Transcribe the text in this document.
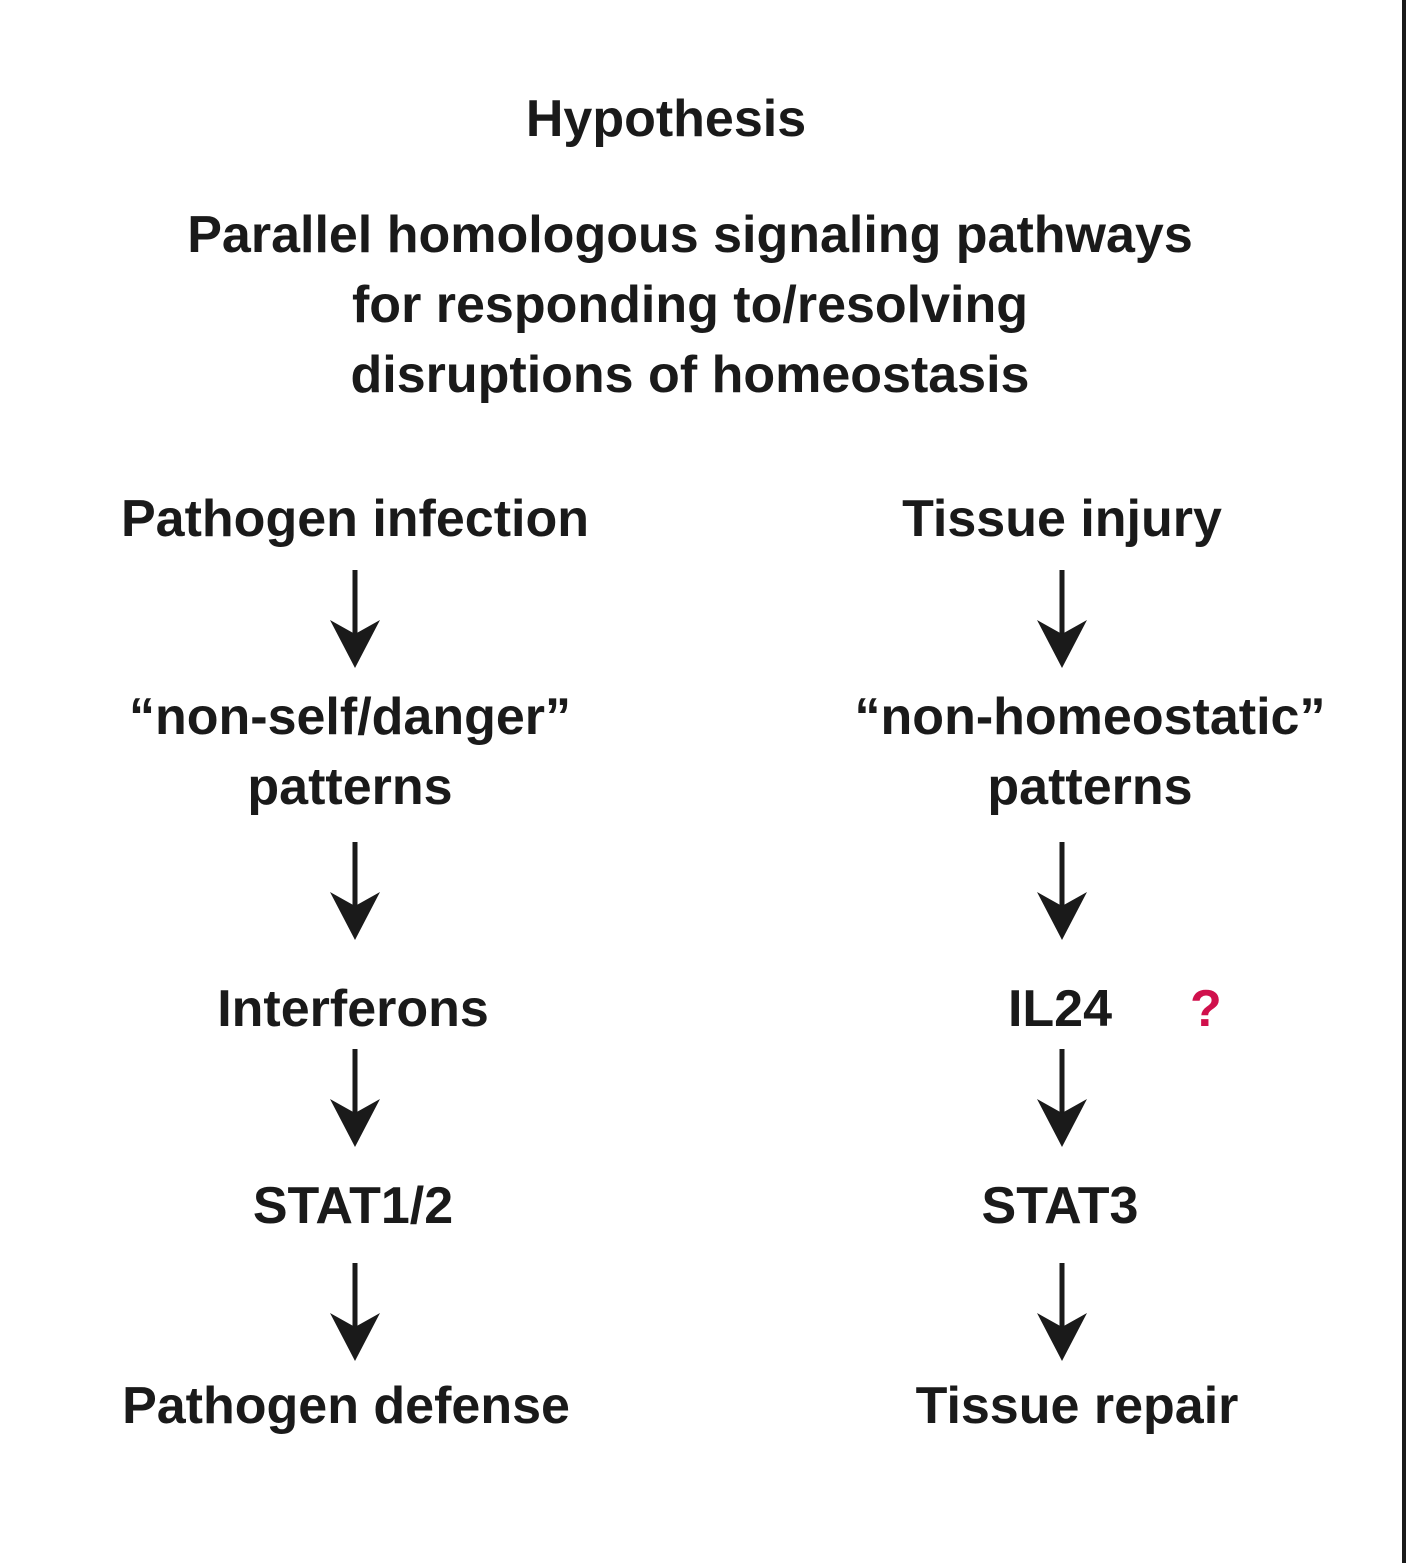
Hypothesis
Parallel homologous signaling pathways
for responding to/resolving
disruptions of homeostasis
Pathogen infection
“non-self/danger”
patterns
Interferons
STAT1/2
Pathogen defense
Tissue injury
“non-homeostatic”
patterns
IL24 ?
STAT3
Tissue repair
